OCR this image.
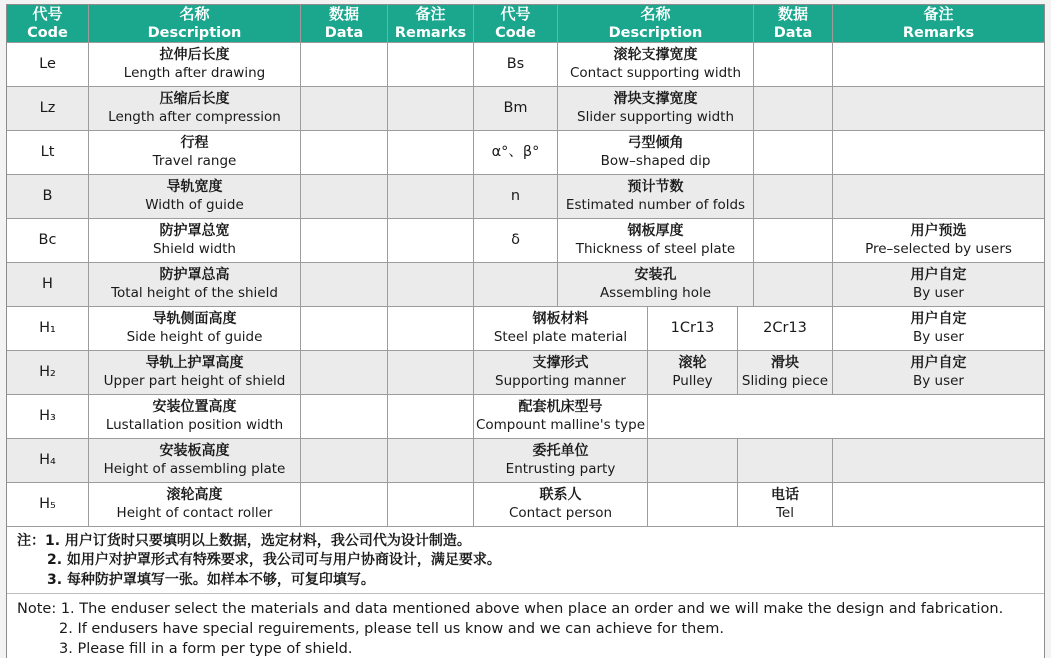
代号
Code
名称
Description
数据
Data
备注
Remarks
代号
Code
名称
Description
数据
Data
备注
Remarks
Le
拉伸后长度
Length after drawing
Bs
滚轮支撑宽度
Contact supporting width
Lz
压缩后长度
Length after compression
Bm
滑块支撑宽度
Slider supporting width
Lt
行程
Travel range
α°、β°
弓型倾角
Bow–shaped dip
B
导轨宽度
Width of guide
n
预计节数
Estimated number of folds
Bc
防护罩总宽
Shield width
δ
钢板厚度
Thickness of steel plate
用户预选
Pre–selected by users
H
防护罩总高
Total height of the shield
安装孔
Assembling hole
用户自定
By user
H₁
导轨侧面高度
Side height of guide
钢板材料
Steel plate material
1Cr13	2Cr13
用户自定
By user
H₂
导轨上护罩高度
Upper part height of shield
支撑形式
Supporting manner
滚轮
Pulley
滑块
Sliding piece
用户自定
By user
H₃
安装位置高度
Lustallation position width
配套机床型号
Compount malline's type
H₄
安装板高度
Height of assembling plate
委托单位
Entrusting party
H₅
滚轮高度
Height of contact roller
联系人
Contact person
电话
Tel
注：1. 用户订货时只要填明以上数据，选定材料，我公司代为设计制造。
2. 如用户对护罩形式有特殊要求，我公司可与用户协商设计，满足要求。
3. 每种防护罩填写一张。如样本不够，可复印填写。
Note: 1. The enduser select the materials and data mentioned above when place an order and we will make the design and fabrication.
2. If endusers have special reguirements, please tell us know and we can achieve for them.
3. Please fill in a form per type of shield.
